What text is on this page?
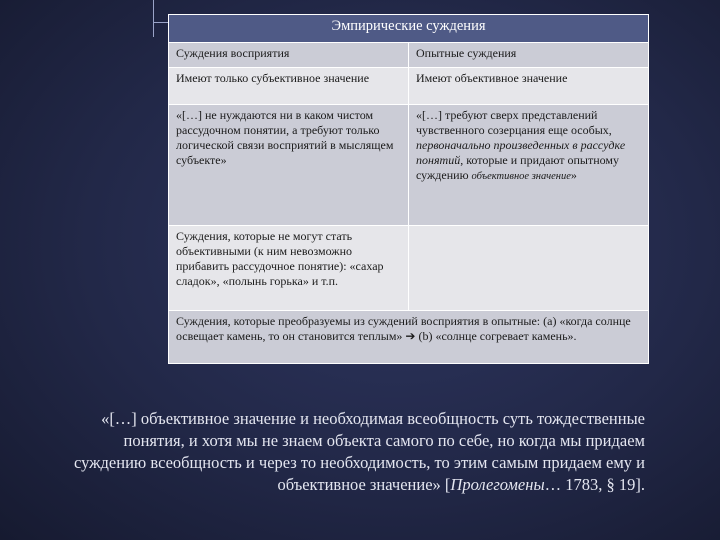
Эмпирические суждения	
Суждения восприятия	Опытные суждения
Имеют только субъективное значение	Имеют объективное значение
«[…] не нуждаются ни в каком чистом рассудочном понятии, а требуют только логической связи восприятий в мыслящем субъекте»	«[…] требуют сверх представлений чувственного созерцания еще особых, первоначально произведенных в рассудке понятий, которые и придают опытному суждению объективное значение»
Суждения, которые не могут стать объективными (к ним невозможно прибавить рассудочное понятие): «сахар сладок», «полынь горька» и т.п.	
Суждения, которые преобразуемы из суждений восприятия в опытные: (а) «когда солнце освещает камень, то он становится теплым» ➔ (b) «солнце согревает камень».	
«[…] объективное значение и необходимая всеобщность суть тождественные понятия, и хотя мы не знаем объекта самого по себе, но когда мы придаем суждению всеобщность и через то необходимость, то этим самым придаем ему и объективное значение» [Пролегомены… 1783, § 19].
